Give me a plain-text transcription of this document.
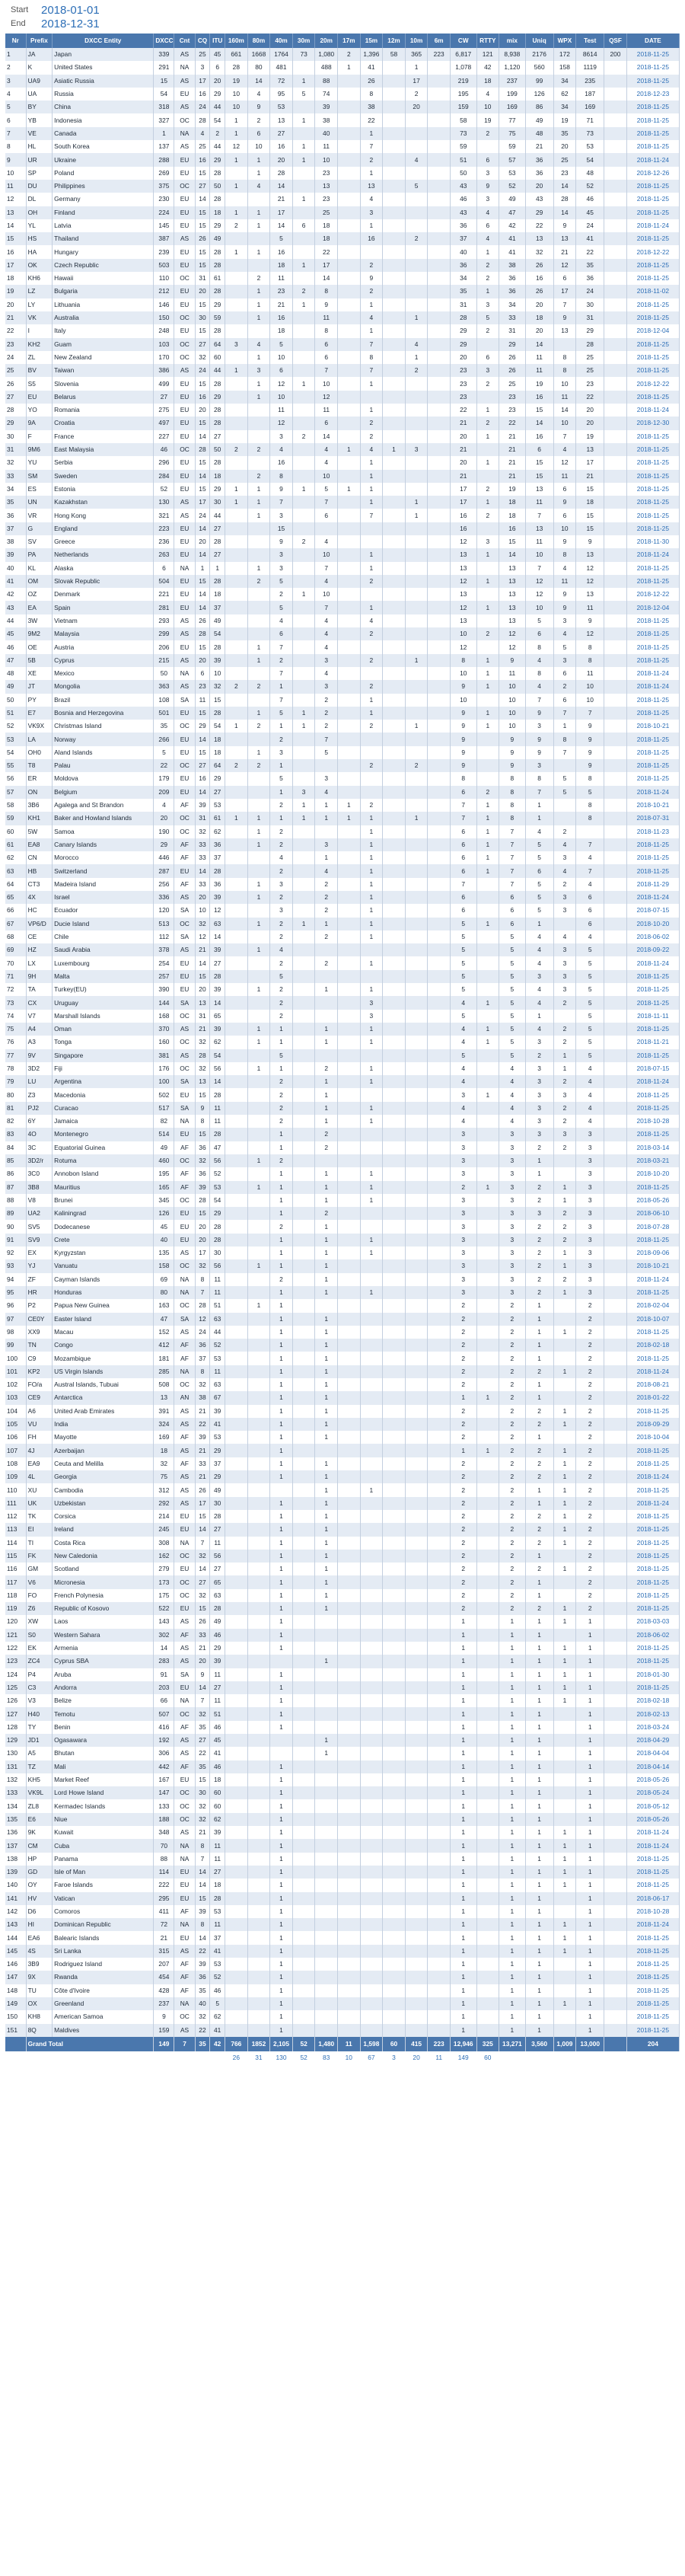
Start	2018-01-01
End	2018-12-31
Nr	Prefix	DXCC Entity	DXCC	Cnt	CQ	ITU	160m	80m	40m	30m	20m	17m	15m	12m	10m	6m	CW	RTTY	mix	Uniq	WPX	Test	QSF	DATE
1	JA	Japan	339	AS	25	45	661	1668	1764	73	1,080	2	1,396	58	365	223	6,817	121	8,938	2176	172	8614	200	2018-11-25
2	K	United States	291	NA	3	6	28	80	481		488	1	41		1		1,078	42	1,120	560	158	1119		2018-11-25
3	UA9	Asiatic Russia	15	AS	17	20	19	14	72	1	88		26		17		219	18	237	99	34	235		2018-11-25
4	UA	Russia	54	EU	16	29	10	4	95	5	74		8		2		195	4	199	126	62	187		2018-12-23
5	BY	China	318	AS	24	44	10	9	53		39		38		20		159	10	169	86	34	169		2018-11-25
6	YB	Indonesia	327	OC	28	54	1	2	13	1	38		22				58	19	77	49	19	71		2018-11-25
7	VE	Canada	1	NA	4	2	1	6	27		40		1				73	2	75	48	35	73		2018-11-25
8	HL	South Korea	137	AS	25	44	12	10	16	1	11		7				59		59	21	20	53		2018-11-25
9	UR	Ukraine	288	EU	16	29	1	1	20	1	10		2		4		51	6	57	36	25	54		2018-11-24
10	SP	Poland	269	EU	15	28		1	28		23		1				50	3	53	36	23	48		2018-12-26
11	DU	Philippines	375	OC	27	50	1	4	14		13		13		5		43	9	52	20	14	52		2018-11-25
12	DL	Germany	230	EU	14	28			21	1	23		4				46	3	49	43	28	46		2018-11-25
13	OH	Finland	224	EU	15	18	1	1	17		25		3				43	4	47	29	14	45		2018-11-25
14	YL	Latvia	145	EU	15	29	2	1	14	6	18		1				36	6	42	22	9	24		2018-11-24
15	HS	Thailand	387	AS	26	49			5		18		16		2		37	4	41	13	13	41		2018-11-25
16	HA	Hungary	239	EU	15	28	1	1	16		22						40	1	41	32	21	22		2018-12-22
17	OK	Czech Republic	503	EU	15	28			18	1	17		2				36	2	38	26	12	35		2018-11-25
18	KH6	Hawaii	110	OC	31	61		2	11		14		9				34	2	36	16	6	36		2018-11-25
19	LZ	Bulgaria	212	EU	20	28		1	23	2	8		2				35	1	36	26	17	24		2018-11-02
20	LY	Lithuania	146	EU	15	29		1	21	1	9		1				31	3	34	20	7	30		2018-11-25
21	VK	Australia	150	OC	30	59		1	16		11		4		1		28	5	33	18	9	31		2018-11-25
22	I	Italy	248	EU	15	28			18		8		1				29	2	31	20	13	29		2018-12-04
23	KH2	Guam	103	OC	27	64	3	4	5		6		7		4		29		29	14		28		2018-11-25
24	ZL	New Zealand	170	OC	32	60		1	10		6		8		1		20	6	26	11	8	25		2018-11-25
25	BV	Taiwan	386	AS	24	44	1	3	6		7		7		2		23	3	26	11	8	25		2018-11-25
26	S5	Slovenia	499	EU	15	28		1	12	1	10		1				23	2	25	19	10	23		2018-12-22
27	EU	Belarus	27	EU	16	29		1	10		12						23		23	16	11	22		2018-11-25
28	YO	Romania	275	EU	20	28			11		11		1				22	1	23	15	14	20		2018-11-24
29	9A	Croatia	497	EU	15	28			12		6		2				21	2	22	14	10	20		2018-12-30
30	F	France	227	EU	14	27			3	2	14		2				20	1	21	16	7	19		2018-11-25
31	9M6	East Malaysia	46	OC	28	50	2	2	4		4	1	4	1	3		21		21	6	4	13		2018-11-25
32	YU	Serbia	296	EU	15	28			16		4		1				20	1	21	15	12	17		2018-11-25
33	SM	Sweden	284	EU	14	18		2	8		10		1				21		21	15	11	21		2018-11-25
34	ES	Estonia	52	EU	15	29	1	1	9	1	5	1	1				17	2	19	13	6	15		2018-11-25
35	UN	Kazakhstan	130	AS	17	30	1	1	7		7		1		1		17	1	18	11	9	18		2018-11-25
36	VR	Hong Kong	321	AS	24	44		1	3		6		7		1		16	2	18	7	6	15		2018-11-25
37	G	England	223	EU	14	27			15								16		16	13	10	15		2018-11-25
38	SV	Greece	236	EU	20	28			9	2	4						12	3	15	11	9	9		2018-11-30
39	PA	Netherlands	263	EU	14	27			3		10		1				13	1	14	10	8	13		2018-11-24
40	KL	Alaska	6	NA	1	1		1	3		7		1				13		13	7	4	12		2018-11-25
41	OM	Slovak Republic	504	EU	15	28		2	5		4		2				12	1	13	12	11	12		2018-11-25
42	OZ	Denmark	221	EU	14	18			2	1	10						13		13	12	9	13		2018-12-22
43	EA	Spain	281	EU	14	37			5		7		1				12	1	13	10	9	11		2018-12-04
44	3W	Vietnam	293	AS	26	49			4		4		4				13		13	5	3	9		2018-11-25
45	9M2	Malaysia	299	AS	28	54			6		4		2				10	2	12	6	4	12		2018-11-25
46	OE	Austria	206	EU	15	28		1	7		4						12		12	8	5	8		2018-11-25
47	5B	Cyprus	215	AS	20	39		1	2		3		2		1		8	1	9	4	3	8		2018-11-25
48	XE	Mexico	50	NA	6	10			7		4						10	1	11	8	6	11		2018-11-24
49	JT	Mongolia	363	AS	23	32	2	2	1		3		2				9	1	10	4	2	10		2018-11-24
50	PY	Brazil	108	SA	11	15			7		2		1				10		10	7	6	10		2018-11-25
51	E7	Bosnia and Herzegovina	501	EU	15	28		1	5	1	2		1				9	1	10	9	7	7		2018-11-25
52	VK9X	Christmas Island	35	OC	29	54	1	2	1	1	2		2		1		9	1	10	3	1	9		2018-10-21
53	LA	Norway	266	EU	14	18			2		7						9		9	9	8	9		2018-11-25
54	OH0	Aland Islands	5	EU	15	18		1	3		5						9		9	9	7	9		2018-11-25
55	T8	Palau	22	OC	27	64	2	2	1				2		2		9		9	3		9		2018-11-25
56	ER	Moldova	179	EU	16	29			5		3						8		8	8	5	8		2018-11-25
57	ON	Belgium	209	EU	14	27			1	3	4						6	2	8	7	5	5		2018-11-24
58	3B6	Agalega and St Brandon	4	AF	39	53			2	1	1	1	2				7	1	8	1		8		2018-10-21
59	KH1	Baker and Howland Islands	20	OC	31	61	1	1	1	1	1	1	1		1		7	1	8	1		8		2018-07-31
60	5W	Samoa	190	OC	32	62		1	2				1				6	1	7	4	2			2018-11-23
61	EA8	Canary Islands	29	AF	33	36		1	2		3		1				6	1	7	5	4	7		2018-11-25
62	CN	Morocco	446	AF	33	37			4		1		1				6	1	7	5	3	4		2018-11-25
63	HB	Switzerland	287	EU	14	28			2		4		1				6	1	7	6	4	7		2018-11-25
64	CT3	Madeira Island	256	AF	33	36		1	3		2		1				7		7	5	2	4		2018-11-29
65	4X	Israel	336	AS	20	39		1	2		2		1				6		6	5	3	6		2018-11-24
66	HC	Ecuador	120	SA	10	12			3		2		1				6		6	5	3	6		2018-07-15
67	VP6/D	Ducie Island	513	OC	32	63		1	2	1	1		1				5	1	6	1		6		2018-10-20
68	CE	Chile	112	SA	12	14			2		2		1				5		5	4	4	4		2018-06-02
69	HZ	Saudi Arabia	378	AS	21	39		1	4								5		5	4	3	5		2018-09-22
70	LX	Luxembourg	254	EU	14	27			2		2		1				5		5	4	3	5		2018-11-24
71	9H	Malta	257	EU	15	28			5								5		5	3	3	5		2018-11-25
72	TA	Turkey(EU)	390	EU	20	39		1	2		1		1				5		5	4	3	5		2018-11-25
73	CX	Uruguay	144	SA	13	14			2				3				4	1	5	4	2	5		2018-11-25
74	V7	Marshall Islands	168	OC	31	65			2				3				5		5	1		5		2018-11-11
75	A4	Oman	370	AS	21	39		1	1		1		1				4	1	5	4	2	5		2018-11-25
76	A3	Tonga	160	OC	32	62		1	1		1		1				4	1	5	3	2	5		2018-11-21
77	9V	Singapore	381	AS	28	54			5								5		5	2	1	5		2018-11-25
78	3D2	Fiji	176	OC	32	56		1	1		2		1				4		4	3	1	4		2018-07-15
79	LU	Argentina	100	SA	13	14			2		1		1				4		4	3	2	4		2018-11-24
80	Z3	Macedonia	502	EU	15	28			2		1						3	1	4	3	3	4		2018-11-25
81	PJ2	Curacao	517	SA	9	11			2		1		1				4		4	3	2	4		2018-11-25
82	6Y	Jamaica	82	NA	8	11			2		1		1				4		4	3	2	4		2018-10-28
83	4O	Montenegro	514	EU	15	28			1		2						3		3	3	3	3		2018-11-25
84	3C	Equatorial Guinea	49	AF	36	47			1		2						3		3	2	2	3		2018-03-14
85	3D2/r	Rotuma	460	OC	32	56		1	2								3		3	1		3		2018-03-21
86	3C0	Annobon Island	195	AF	36	52			1		1		1				3		3	1		3		2018-10-20
87	3B8	Mauritius	165	AF	39	53		1	1		1		1				2	1	3	2	1	3		2018-11-25
88	V8	Brunei	345	OC	28	54			1		1		1				3		3	2	1	3		2018-05-26
89	UA2	Kaliningrad	126	EU	15	29			1		2						3		3	3	2	3		2018-06-10
90	SV5	Dodecanese	45	EU	20	28			2		1						3		3	2	2	3		2018-07-28
91	SV9	Crete	40	EU	20	28			1		1		1				3		3	2	2	3		2018-11-25
92	EX	Kyrgyzstan	135	AS	17	30			1		1		1				3		3	2	1	3		2018-09-06
93	YJ	Vanuatu	158	OC	32	56		1	1		1						3		3	2	1	3		2018-10-21
94	ZF	Cayman Islands	69	NA	8	11			2		1						3		3	2	2	3		2018-11-24
95	HR	Honduras	80	NA	7	11			1		1		1				3		3	2	1	3		2018-11-25
96	P2	Papua New Guinea	163	OC	28	51		1	1								2		2	1		2		2018-02-04
97	CE0Y	Easter Island	47	SA	12	63			1		1						2		2	1		2		2018-10-07
98	XX9	Macau	152	AS	24	44			1		1						2		2	1	1	2		2018-11-25
99	TN	Congo	412	AF	36	52			1		1						2		2	1		2		2018-02-18
100	C9	Mozambique	181	AF	37	53			1		1						2		2	1		2		2018-11-25
101	KP2	US Virgin Islands	285	NA	8	11			1		1						2		2	2	1	2		2018-11-24
102	FO/a	Austral Islands, Tubuai	508	OC	32	63			1		1						2		2	1		2		2018-08-21
103	CE9	Antarctica	13	AN	38	67			1		1						1	1	2	1		2		2018-01-22
104	A6	United Arab Emirates	391	AS	21	39			1		1						2		2	2	1	2		2018-11-25
105	VU	India	324	AS	22	41			1		1						2		2	2	1	2		2018-09-29
106	FH	Mayotte	169	AF	39	53			1		1						2		2	1		2		2018-10-04
107	4J	Azerbaijan	18	AS	21	29			1								1	1	2	2	1	2		2018-11-25
108	EA9	Ceuta and Melilla	32	AF	33	37			1		1						2		2	2	1	2		2018-11-25
109	4L	Georgia	75	AS	21	29			1		1						2		2	2	1	2		2018-11-24
110	XU	Cambodia	312	AS	26	49					1		1				2		2	1	1	2		2018-11-25
111	UK	Uzbekistan	292	AS	17	30			1		1						2		2	1	1	2		2018-11-24
112	TK	Corsica	214	EU	15	28			1		1						2		2	2	1	2		2018-11-25
113	EI	Ireland	245	EU	14	27			1		1						2		2	2	1	2		2018-11-25
114	TI	Costa Rica	308	NA	7	11			1		1						2		2	2	1	2		2018-11-25
115	FK	New Caledonia	162	OC	32	56			1		1						2		2	1		2		2018-11-25
116	GM	Scotland	279	EU	14	27			1		1						2		2	2	1	2		2018-11-25
117	V6	Micronesia	173	OC	27	65			1		1						2		2	1		2		2018-11-25
118	FO	French Polynesia	175	OC	32	63			1		1						2		2	1		2		2018-11-25
119	Z6	Republic of Kosovo	522	EU	15	28			1		1						2		2	2	1	2		2018-11-25
120	XW	Laos	143	AS	26	49			1								1		1	1	1	1		2018-03-03
121	S0	Western Sahara	302	AF	33	46			1								1		1	1		1		2018-06-02
122	EK	Armenia	14	AS	21	29			1								1		1	1	1	1		2018-11-25
123	ZC4	Cyprus SBA	283	AS	20	39					1						1		1	1	1	1		2018-11-25
124	P4	Aruba	91	SA	9	11			1								1		1	1	1	1		2018-01-30
125	C3	Andorra	203	EU	14	27			1								1		1	1	1	1		2018-11-25
126	V3	Belize	66	NA	7	11			1								1		1	1	1	1		2018-02-18
127	H40	Temotu	507	OC	32	51			1								1		1	1		1		2018-02-13
128	TY	Benin	416	AF	35	46			1								1		1	1		1		2018-03-24
129	JD1	Ogasawara	192	AS	27	45					1						1		1	1		1		2018-04-29
130	A5	Bhutan	306	AS	22	41					1						1		1	1		1		2018-04-04
131	TZ	Mali	442	AF	35	46			1								1		1	1		1		2018-04-14
132	KH5	Market Reef	167	EU	15	18			1								1		1	1		1		2018-05-26
133	VK9L	Lord Howe Island	147	OC	30	60			1								1		1	1		1		2018-05-24
134	ZL8	Kermadec Islands	133	OC	32	60			1								1		1	1		1		2018-05-12
135	E6	Niue	188	OC	32	62			1								1		1	1		1		2018-05-26
136	9K	Kuwait	348	AS	21	39			1								1		1	1	1	1		2018-11-24
137	CM	Cuba	70	NA	8	11			1								1		1	1	1	1		2018-11-24
138	HP	Panama	88	NA	7	11			1								1		1	1	1	1		2018-11-25
139	GD	Isle of Man	114	EU	14	27			1								1		1	1	1	1		2018-11-25
140	OY	Faroe Islands	222	EU	14	18			1								1		1	1	1	1		2018-11-25
141	HV	Vatican	295	EU	15	28			1								1		1	1		1		2018-06-17
142	D6	Comoros	411	AF	39	53			1								1		1	1		1		2018-10-28
143	HI	Dominican Republic	72	NA	8	11			1								1		1	1	1	1		2018-11-24
144	EA6	Balearic Islands	21	EU	14	37			1								1		1	1	1	1		2018-11-25
145	4S	Sri Lanka	315	AS	22	41			1								1		1	1	1	1		2018-11-25
146	3B9	Rodriguez Island	207	AF	39	53			1								1		1	1		1		2018-11-25
147	9X	Rwanda	454	AF	36	52			1								1		1	1		1		2018-11-25
148	TU	Côte d'Ivoire	428	AF	35	46			1								1		1	1		1		2018-11-25
149	OX	Greenland	237	NA	40	5			1								1		1	1	1	1		2018-11-25
150	KH8	American Samoa	9	OC	32	62			1								1		1	1		1		2018-11-25
151	8Q	Maldives	159	AS	22	41			1								1		1	1		1		2018-11-25
	Grand Total		149	7	35	42	766	1852	2,105	52	1,480	11	1,598	60	415	223	12,946	325	13,271	3,560	1,009	13,000		204
							26	31	130	52	83	10	67	3	20	11	149	60						
